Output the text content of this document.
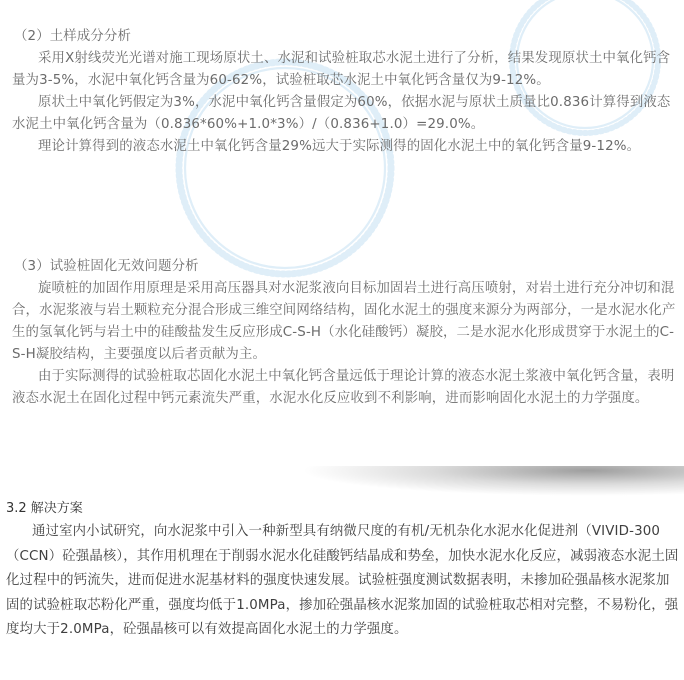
（2）土样成分分析

采用X射线荧光光谱对施工现场原状土、水泥和试验桩取芯水泥土进行了分析，结果发现原状土中氧化钙含量为3-5%，水泥中氧化钙含量为60-62%，试验桩取芯水泥土中氧化钙含量仅为9-12%。

原状土中氧化钙假定为3%，水泥中氧化钙含量假定为60%，依据水泥与原状土质量比0.836计算得到液态水泥土中氧化钙含量为（0.836*60%+1.0*3%）/（0.836+1.0）=29.0%。

理论计算得到的液态水泥土中氧化钙含量29%远大于实际测得的固化水泥土中的氧化钙含量9-12%。

（3）试验桩固化无效问题分析

旋喷桩的加固作用原理是采用高压器具对水泥浆液向目标加固岩土进行高压喷射，对岩土进行充分冲切和混合，水泥浆液与岩土颗粒充分混合形成三维空间网络结构，固化水泥土的强度来源分为两部分，一是水泥水化产生的氢氧化钙与岩土中的硅酸盐发生反应形成C-S-H（水化硅酸钙）凝胶，二是水泥水化形成贯穿于水泥土的C-S-H凝胶结构，主要强度以后者贡献为主。

由于实际测得的试验桩取芯固化水泥土中氧化钙含量远低于理论计算的液态水泥土浆液中氧化钙含量，表明液态水泥土在固化过程中钙元素流失严重，水泥水化反应收到不利影响，进而影响固化水泥土的力学强度。

3.2 解决方案

通过室内小试研究，向水泥浆中引入一种新型具有纳微尺度的有机/无机杂化水泥水化促进剂（VIVID-300（CCN）砼强晶核），其作用机理在于削弱水泥水化硅酸钙结晶成和势垒，加快水泥水化反应，减弱液态水泥土固化过程中的钙流失，进而促进水泥基材料的强度快速发展。试验桩强度测试数据表明，未掺加砼强晶核水泥浆加固的试验桩取芯粉化严重，强度均低于1.0MPa，掺加砼强晶核水泥浆加固的试验桩取芯相对完整，不易粉化，强度均大于2.0MPa，砼强晶核可以有效提高固化水泥土的力学强度。
